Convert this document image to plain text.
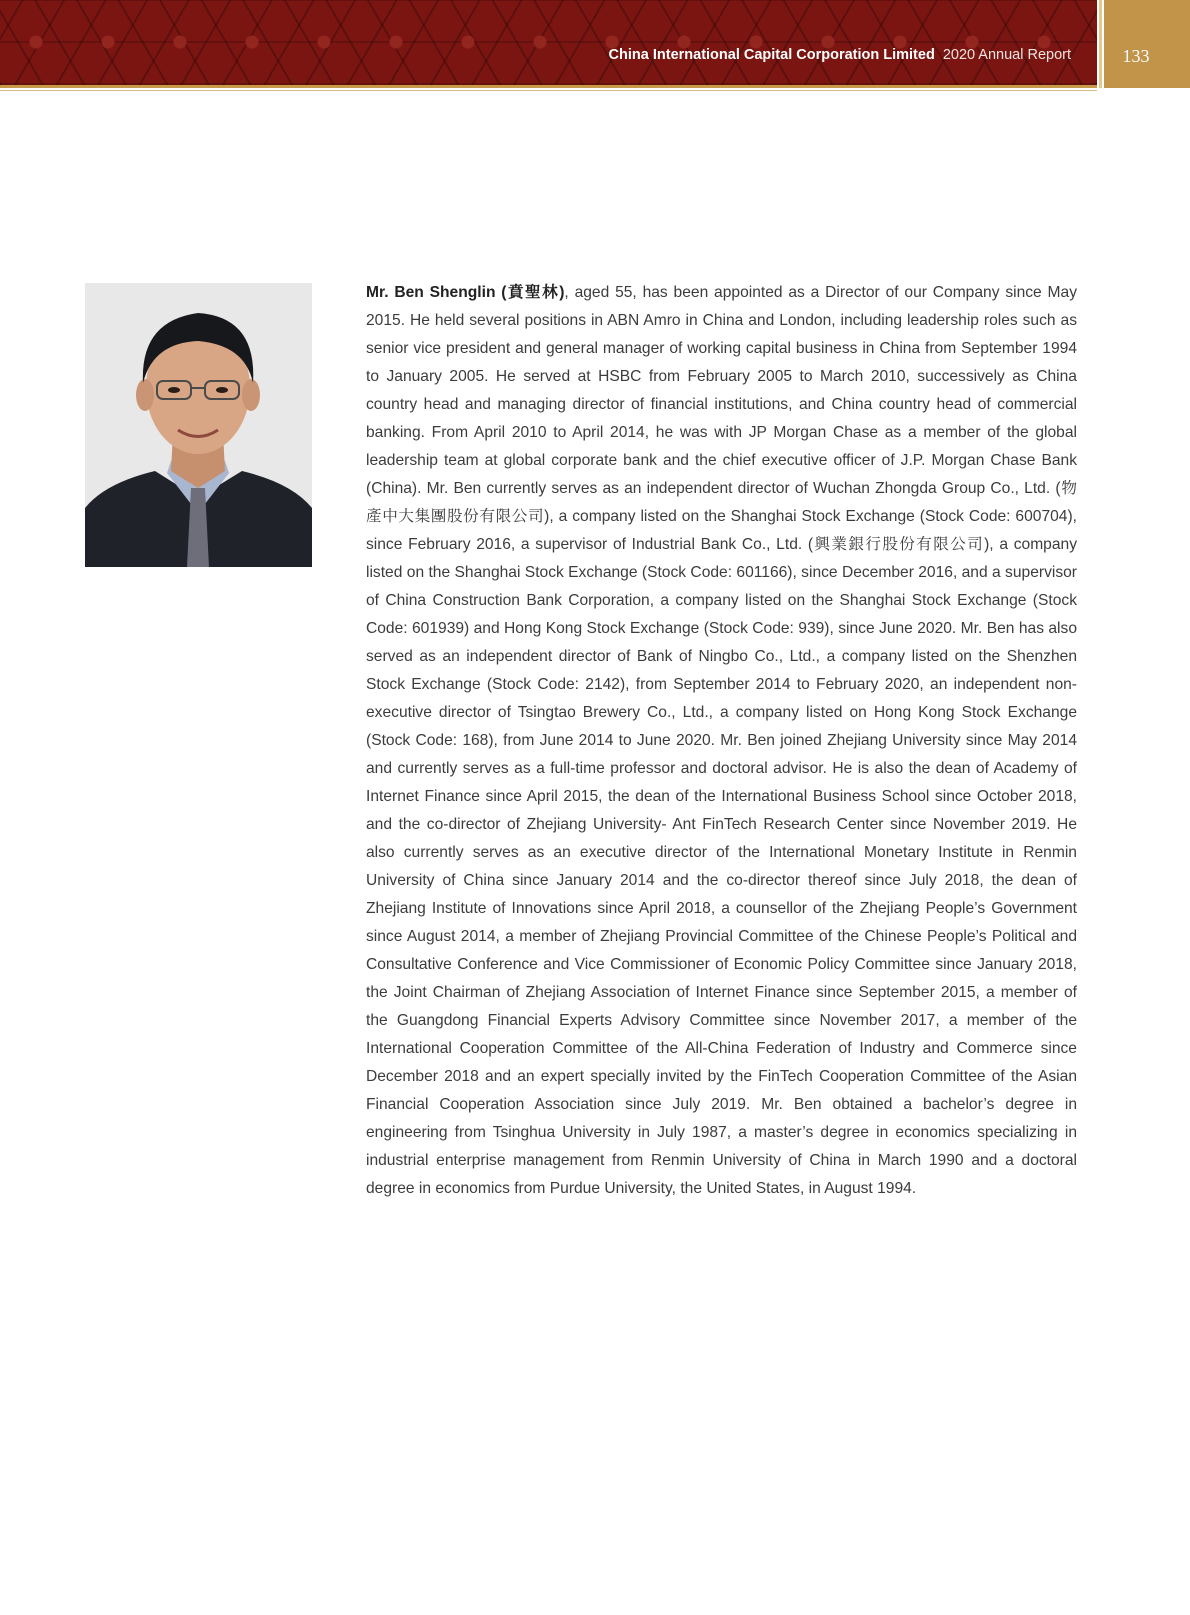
China International Capital Corporation Limited 2020 Annual Report	133
Mr. Ben Shenglin (賁聖林), aged 55, has been appointed as a Director of our Company since May 2015. He held several positions in ABN Amro in China and London, including leadership roles such as senior vice president and general manager of working capital business in China from September 1994 to January 2005. He served at HSBC from February 2005 to March 2010, successively as China country head and managing director of financial institutions, and China country head of commercial banking. From April 2010 to April 2014, he was with JP Morgan Chase as a member of the global leadership team at global corporate bank and the chief executive officer of J.P. Morgan Chase Bank (China). Mr. Ben currently serves as an independent director of Wuchan Zhongda Group Co., Ltd. (物產中大集團股份有限公司), a company listed on the Shanghai Stock Exchange (Stock Code: 600704), since February 2016, a supervisor of Industrial Bank Co., Ltd. (興業銀行股份有限公司), a company listed on the Shanghai Stock Exchange (Stock Code: 601166), since December 2016, and a supervisor of China Construction Bank Corporation, a company listed on the Shanghai Stock Exchange (Stock Code: 601939) and Hong Kong Stock Exchange (Stock Code: 939), since June 2020. Mr. Ben has also served as an independent director of Bank of Ningbo Co., Ltd., a company listed on the Shenzhen Stock Exchange (Stock Code: 2142), from September 2014 to February 2020, an independent non-executive director of Tsingtao Brewery Co., Ltd., a company listed on Hong Kong Stock Exchange (Stock Code: 168), from June 2014 to June 2020. Mr. Ben joined Zhejiang University since May 2014 and currently serves as a full-time professor and doctoral advisor. He is also the dean of Academy of Internet Finance since April 2015, the dean of the International Business School since October 2018, and the co-director of Zhejiang University- Ant FinTech Research Center since November 2019. He also currently serves as an executive director of the International Monetary Institute in Renmin University of China since January 2014 and the co-director thereof since July 2018, the dean of Zhejiang Institute of Innovations since April 2018, a counsellor of the Zhejiang People’s Government since August 2014, a member of Zhejiang Provincial Committee of the Chinese People’s Political and Consultative Conference and Vice Commissioner of Economic Policy Committee since January 2018, the Joint Chairman of Zhejiang Association of Internet Finance since September 2015, a member of the Guangdong Financial Experts Advisory Committee since November 2017, a member of the International Cooperation Committee of the All-China Federation of Industry and Commerce since December 2018 and an expert specially invited by the FinTech Cooperation Committee of the Asian Financial Cooperation Association since July 2019. Mr. Ben obtained a bachelor’s degree in engineering from Tsinghua University in July 1987, a master’s degree in economics specializing in industrial enterprise management from Renmin University of China in March 1990 and a doctoral degree in economics from Purdue University, the United States, in August 1994.
